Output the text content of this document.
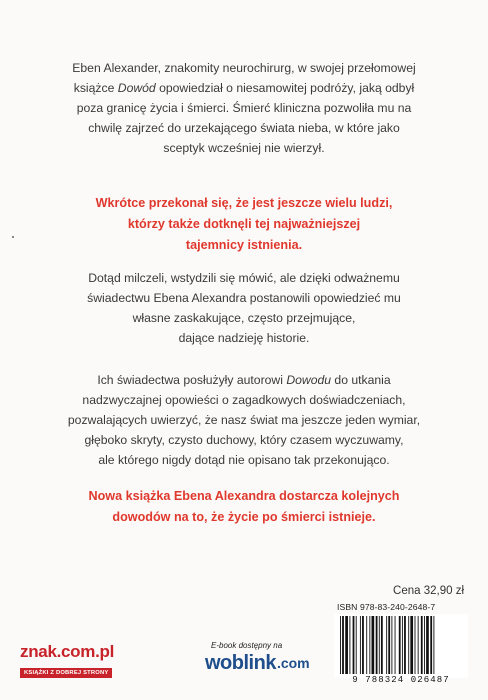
Eben Alexander, znakomity neurochirurg, w swojej przełomowej
książce Dowód opowiedział o niesamowitej podróży, jaką odbył
poza granicę życia i śmierci. Śmierć kliniczna pozwoliła mu na
chwilę zajrzeć do urzekającego świata nieba, w które jako
sceptyk wcześniej nie wierzył.
Wkrótce przekonał się, że jest jeszcze wielu ludzi,
którzy także dotknęli tej najważniejszej
tajemnicy istnienia.
Dotąd milczeli, wstydzili się mówić, ale dzięki odważnemu
świadectwu Ebena Alexandra postanowili opowiedzieć mu
własne zaskakujące, często przejmujące,
dające nadzieję historie.
Ich świadectwa posłużyły autorowi Dowodu do utkania
nadzwyczajnej opowieści o zagadkowych doświadczeniach,
pozwalających uwierzyć, że nasz świat ma jeszcze jeden wymiar,
głęboko skryty, czysto duchowy, który czasem wyczuwamy,
ale którego nigdy dotąd nie opisano tak przekonująco.
Nowa książka Ebena Alexandra dostarcza kolejnych
dowodów na to, że życie po śmierci istnieje.
Cena 32,90 zł
ISBN 978-83-240-2648-7
9 788324 026487
znak.com.pl
KSIĄŻKI Z DOBREJ STRONY
E-book dostępny na
woblink .com
